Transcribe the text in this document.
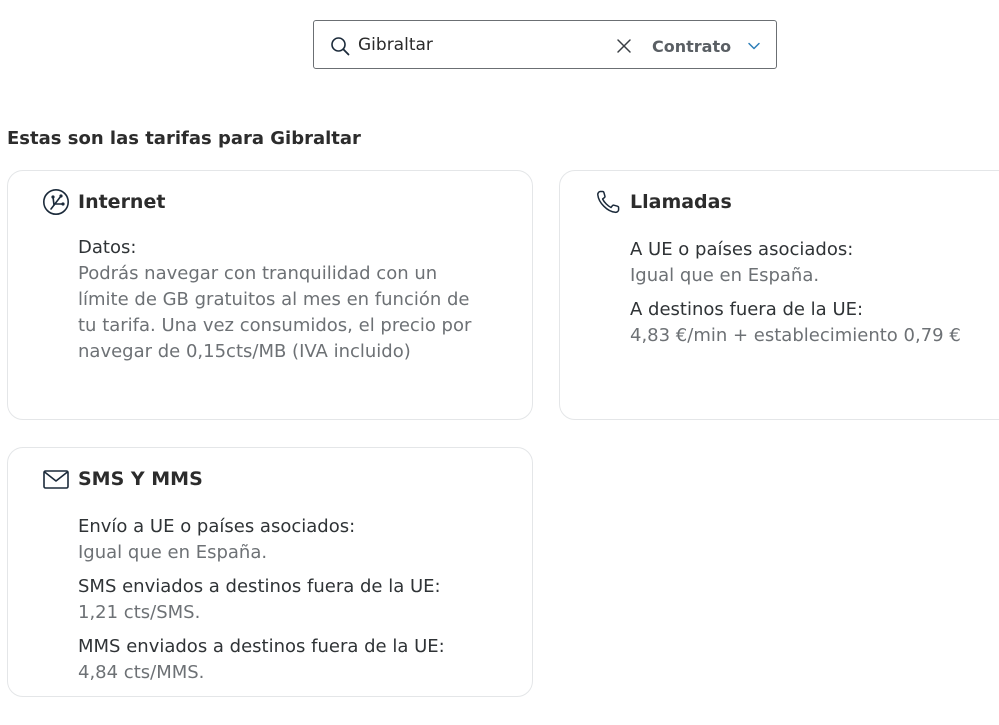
Gibraltar
Contrato
Estas son las tarifas para Gibraltar
Internet
Datos:
Podrás navegar con tranquilidad con un límite de GB gratuitos al mes en función de tu tarifa. Una vez consumidos, el precio por navegar de 0,15cts/MB (IVA incluido)
Llamadas
A UE o países asociados:
Igual que en España.
A destinos fuera de la UE:
4,83 €/min + establecimiento 0,79 €
SMS Y MMS
Envío a UE o países asociados:
Igual que en España.
SMS enviados a destinos fuera de la UE:
1,21 cts/SMS.
MMS enviados a destinos fuera de la UE:
4,84 cts/MMS.
